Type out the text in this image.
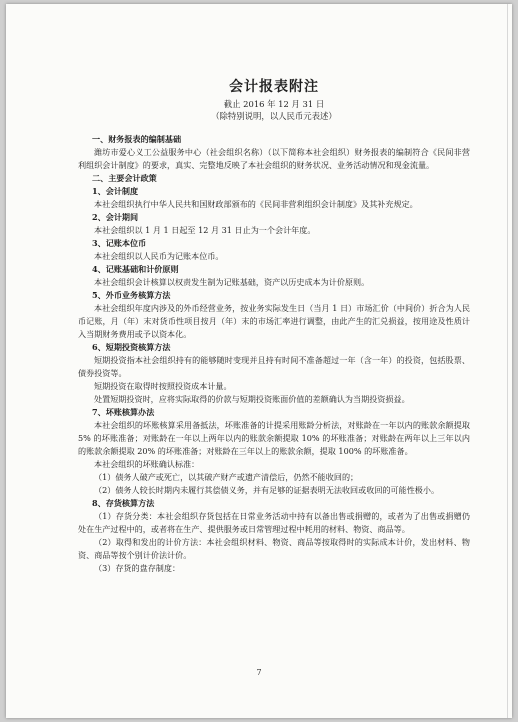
会计报表附注
截止 2016 年 12 月 31 日
（除特别说明，以人民币元表述）
一、财务报表的编制基础
潍坊市爱心义工公益服务中心（社会组织名称）（以下简称本社会组织）财务报表的编制符合《民间非营利组织会计制度》的要求，真实、完整地反映了本社会组织的财务状况、业务活动情况和现金流量。
二、主要会计政策
1、会计制度
本社会组织执行中华人民共和国财政部颁布的《民间非营利组织会计制度》及其补充规定。
2、会计期间
本社会组织以 1 月 1 日起至 12 月 31 日止为一个会计年度。
3、记账本位币
本社会组织以人民币为记账本位币。
4、记账基础和计价原则
本社会组织会计核算以权责发生制为记账基础，资产以历史成本为计价原则。
5、外币业务核算方法
本社会组织年度内涉及的外币经营业务，按业务实际发生日（当月 1 日）市场汇价（中间价）折合为人民币记账，月（年）末对货币性项目按月（年）末的市场汇率进行调整，由此产生的汇兑损益，按用途及性质计入当期财务费用或予以资本化。
6、短期投资核算方法
短期投资指本社会组织持有的能够随时变现并且持有时间不准备超过一年（含一年）的投资，包括股票、债券投资等。
短期投资在取得时按照投资成本计量。
处置短期投资时，应将实际取得的价款与短期投资账面价值的差额确认为当期投资损益。
7、坏账核算办法
本社会组织的坏账核算采用备抵法，坏账准备的计提采用账龄分析法，对账龄在一年以内的账款余额提取 5% 的坏账准备；对账龄在一年以上两年以内的账款余额提取 10% 的坏账准备；对账龄在两年以上三年以内的账款余额提取 20% 的坏账准备；对账龄在三年以上的账款余额，提取 100% 的坏账准备。
本社会组织的坏账确认标准：
（1）债务人破产或死亡，以其破产财产或遗产清偿后，仍然不能收回的；
（2）债务人较长时期内未履行其偿债义务，并有足够的证据表明无法收回或收回的可能性极小。
8、存货核算方法
（1）存货分类：本社会组织存货包括在日常业务活动中持有以备出售或捐赠的，或者为了出售或捐赠仍处在生产过程中的，或者将在生产、提供服务或日常管理过程中耗用的材料、物资、商品等。
（2）取得和发出的计价方法：本社会组织材料、物资、商品等按取得时的实际成本计价，发出材料、物资、商品等按个别计价法计价。
（3）存货的盘存制度：
7
